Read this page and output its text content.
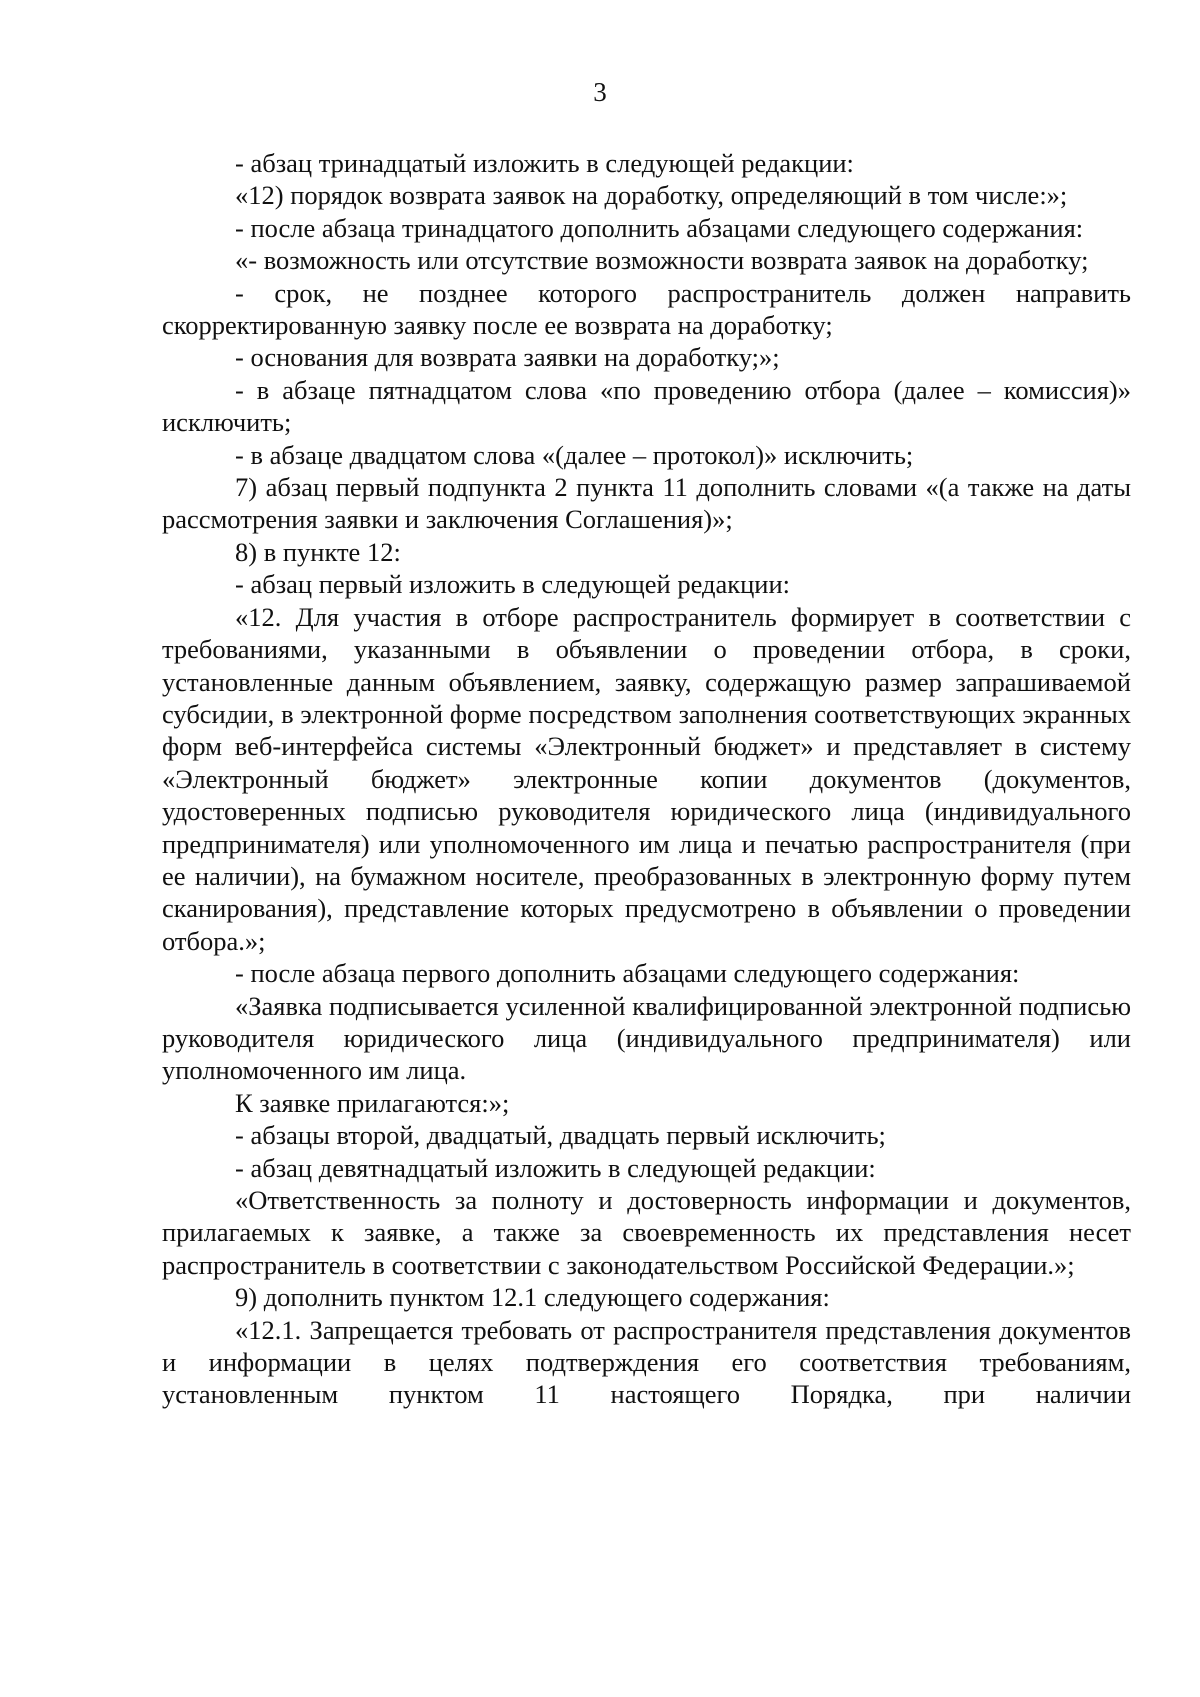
3

- абзац тринадцатый изложить в следующей редакции:

«12) порядок возврата заявок на доработку, определяющий в том числе:»;

- после абзаца тринадцатого дополнить абзацами следующего содержания:

«- возможность или отсутствие возможности возврата заявок на доработку;

- срок, не позднее которого распространитель должен направить скорректированную заявку после ее возврата на доработку;

- основания для возврата заявки на доработку;»;

- в абзаце пятнадцатом слова «по проведению отбора (далее – комиссия)» исключить;

- в абзаце двадцатом слова «(далее – протокол)» исключить;

7) абзац первый подпункта 2 пункта 11 дополнить словами «(а также на даты рассмотрения заявки и заключения Соглашения)»;

8) в пункте 12:

- абзац первый изложить в следующей редакции:

«12. Для участия в отборе распространитель формирует в соответствии с требованиями, указанными в объявлении о проведении отбора, в сроки, установленные данным объявлением, заявку, содержащую размер запрашиваемой субсидии, в электронной форме посредством заполнения соответствующих экранных форм веб-интерфейса системы «Электронный бюджет» и представляет в систему «Электронный бюджет» электронные копии документов (документов, удостоверенных подписью руководителя юридического лица (индивидуального предпринимателя) или уполномоченного им лица и печатью распространителя (при ее наличии), на бумажном носителе, преобразованных в электронную форму путем сканирования), представление которых предусмотрено в объявлении о проведении отбора.»;

- после абзаца первого дополнить абзацами следующего содержания:

«Заявка подписывается усиленной квалифицированной электронной подписью руководителя юридического лица (индивидуального предпринимателя) или уполномоченного им лица.

К заявке прилагаются:»;

- абзацы второй, двадцатый, двадцать первый исключить;

- абзац девятнадцатый изложить в следующей редакции:

«Ответственность за полноту и достоверность информации и документов, прилагаемых к заявке, а также за своевременность их представления несет распространитель в соответствии с законодательством Российской Федерации.»;

9) дополнить пунктом 12.1 следующего содержания:

«12.1. Запрещается требовать от распространителя представления документов и информации в целях подтверждения его соответствия требованиям, установленным пунктом 11 настоящего Порядка, при наличии
